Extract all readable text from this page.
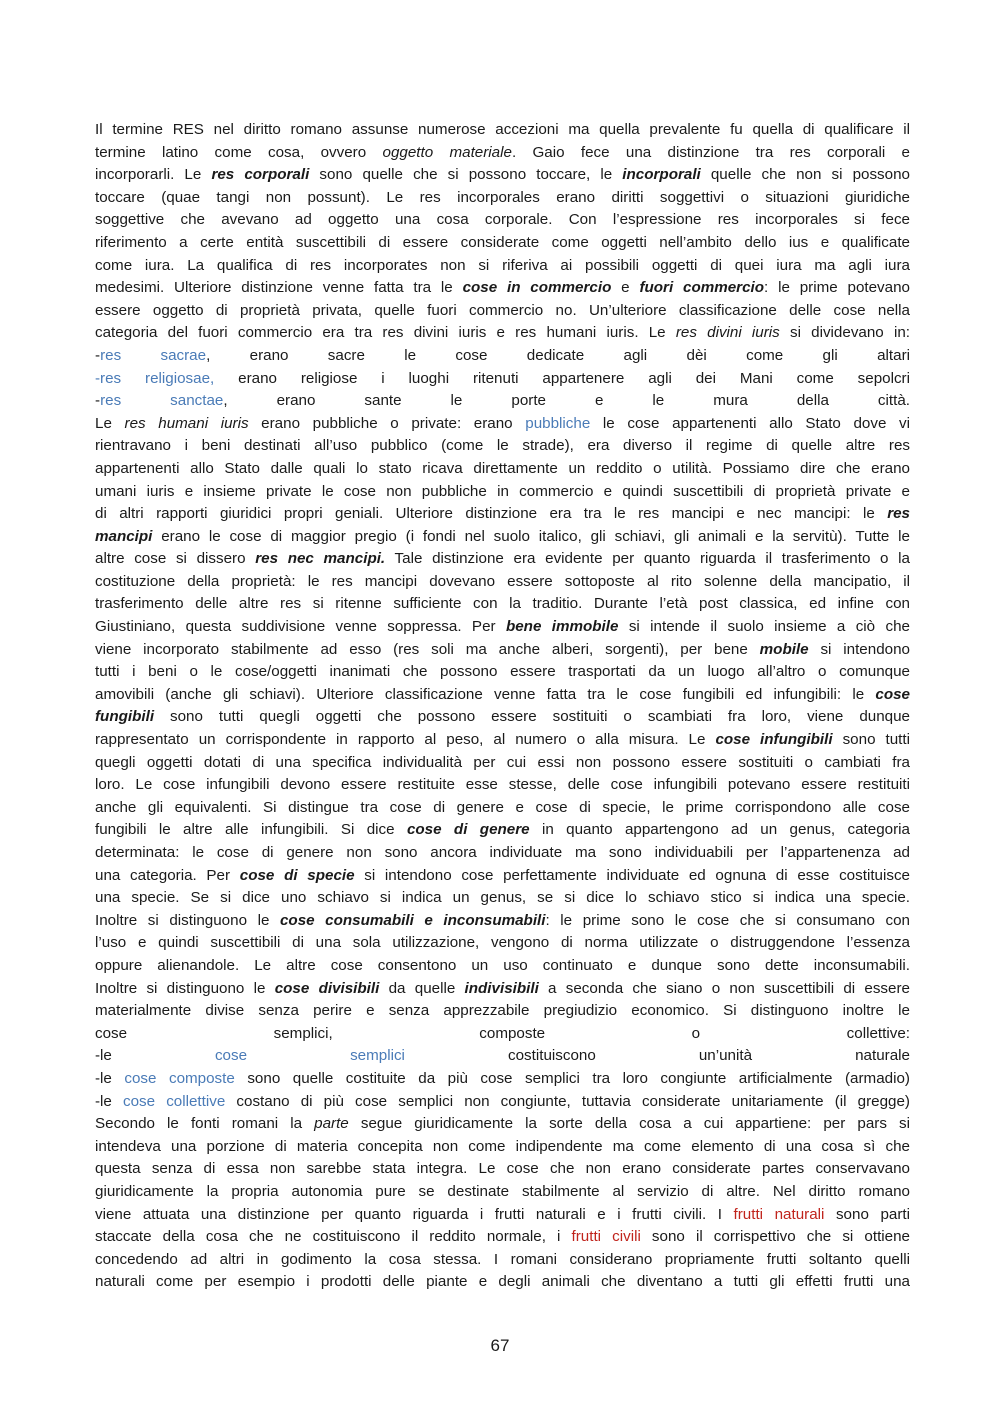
Il termine RES nel diritto romano assunse numerose accezioni ma quella prevalente fu quella di qualificare il
termine latino come cosa, ovvero oggetto materiale. Gaio fece una distinzione tra res corporali e
incorporarli. Le res corporali sono quelle che si possono toccare, le incorporali quelle che non si possono
toccare (quae tangi non possunt). Le res incorporales erano diritti soggettivi o situazioni giuridiche
soggettive che avevano ad oggetto una cosa corporale. Con l’espressione res incorporales si fece
riferimento a certe entità suscettibili di essere considerate come oggetti nell’ambito dello ius e qualificate
come iura. La qualifica di res incorporates non si riferiva ai possibili oggetti di quei iura ma agli iura
medesimi. Ulteriore distinzione venne fatta tra le cose in commercio e fuori commercio: le prime potevano
essere oggetto di proprietà privata, quelle fuori commercio no. Un’ulteriore classificazione delle cose nella
categoria del fuori commercio era tra res divini iuris e res humani iuris. Le res divini iuris si dividevano in:
-res sacrae, erano sacre le cose dedicate agli dèi come gli altari
-res religiosae, erano religiose i luoghi ritenuti appartenere agli dei Mani come sepolcri
-res sanctae, erano sante le porte e le mura della città.
Le res humani iuris erano pubbliche o private: erano pubbliche le cose appartenenti allo Stato dove vi
rientravano i beni destinati all’uso pubblico (come le strade), era diverso il regime di quelle altre res
appartenenti allo Stato dalle quali lo stato ricava direttamente un reddito o utilità. Possiamo dire che erano
umani iuris e insieme private le cose non pubbliche in commercio e quindi suscettibili di proprietà private e
di altri rapporti giuridici propri geniali. Ulteriore distinzione era tra le res mancipi e nec mancipi: le res
mancipi erano le cose di maggior pregio (i fondi nel suolo italico, gli schiavi, gli animali e la servitù). Tutte le
altre cose si dissero res nec mancipi. Tale distinzione era evidente per quanto riguarda il trasferimento o la
costituzione della proprietà: le res mancipi dovevano essere sottoposte al rito solenne della mancipatio, il
trasferimento delle altre res si ritenne sufficiente con la traditio. Durante l’età post classica, ed infine con
Giustiniano, questa suddivisione venne soppressa. Per bene immobile si intende il suolo insieme a ciò che
viene incorporato stabilmente ad esso (res soli ma anche alberi, sorgenti), per bene mobile si intendono
tutti i beni o le cose/oggetti inanimati che possono essere trasportati da un luogo all’altro o comunque
amovibili (anche gli schiavi). Ulteriore classificazione venne fatta tra le cose fungibili ed infungibili: le cose
fungibili sono tutti quegli oggetti che possono essere sostituiti o scambiati fra loro, viene dunque
rappresentato un corrispondente in rapporto al peso, al numero o alla misura. Le cose infungibili sono tutti
quegli oggetti dotati di una specifica individualità per cui essi non possono essere sostituiti o cambiati fra
loro. Le cose infungibili devono essere restituite esse stesse, delle cose infungibili potevano essere restituiti
anche gli equivalenti. Si distingue tra cose di genere e cose di specie, le prime corrispondono alle cose
fungibili le altre alle infungibili. Si dice cose di genere in quanto appartengono ad un genus, categoria
determinata: le cose di genere non sono ancora individuate ma sono individuabili per l’appartenenza ad
una categoria. Per cose di specie si intendono cose perfettamente individuate ed ognuna di esse costituisce
una specie. Se si dice uno schiavo si indica un genus, se si dice lo schiavo stico si indica una specie.
Inoltre si distinguono le cose consumabili e inconsumabili: le prime sono le cose che si consumano con
l’uso e quindi suscettibili di una sola utilizzazione, vengono di norma utilizzate o distruggendone l’essenza
oppure alienandole. Le altre cose consentono un uso continuato e dunque sono dette inconsumabili.
Inoltre si distinguono le cose divisibili da quelle indivisibili a seconda che siano o non suscettibili di essere
materialmente divise senza perire e senza apprezzabile pregiudizio economico. Si distinguono inoltre le
cose semplici, composte o collettive:
-le cose semplici costituiscono un’unità naturale
-le cose composte sono quelle costituite da più cose semplici tra loro congiunte artificialmente (armadio)
-le cose collettive costano di più cose semplici non congiunte, tuttavia considerate unitariamente (il gregge)
Secondo le fonti romani la parte segue giuridicamente la sorte della cosa a cui appartiene: per pars si
intendeva una porzione di materia concepita non come indipendente ma come elemento di una cosa sì che
questa senza di essa non sarebbe stata integra. Le cose che non erano considerate partes conservavano
giuridicamente la propria autonomia pure se destinate stabilmente al servizio di altre. Nel diritto romano
viene attuata una distinzione per quanto riguarda i frutti naturali e i frutti civili. I frutti naturali sono parti
staccate della cosa che ne costituiscono il reddito normale, i frutti civili sono il corrispettivo che si ottiene
concedendo ad altri in godimento la cosa stessa. I romani considerano propriamente frutti soltanto quelli
naturali come per esempio i prodotti delle piante e degli animali che diventano a tutti gli effetti frutti una
67
